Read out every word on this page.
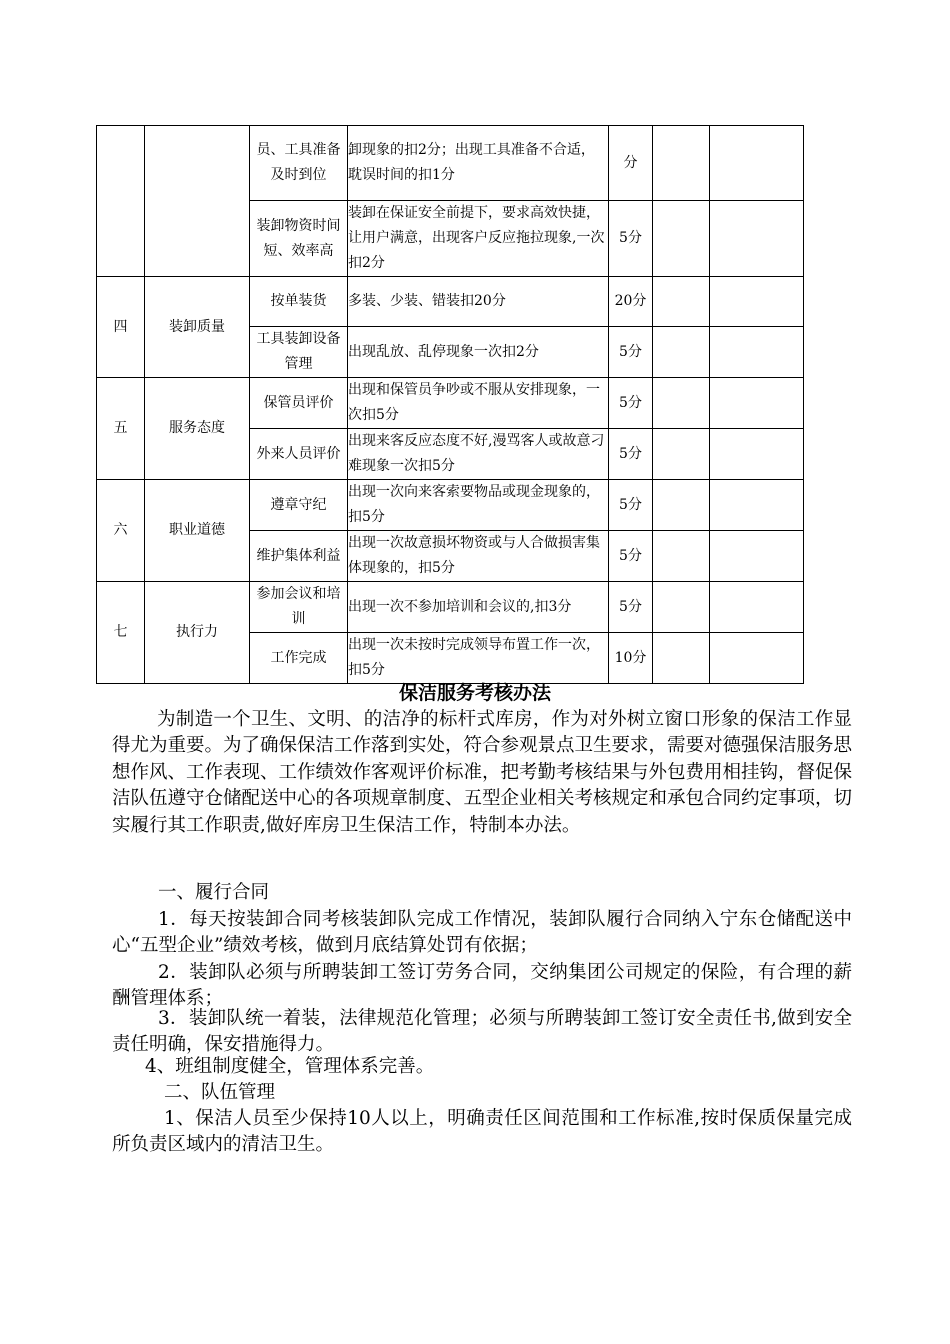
		员、工具准备及时到位	卸现象的扣2分；出现工具准备不合适，耽误时间的扣1分	分		
		装卸物资时间短、效率高	装卸在保证安全前提下，要求高效快捷，让用户满意，出现客户反应拖拉现象,一次扣2分	5分		
四	装卸质量	按单装货	多装、少装、错装扣20分	20分		
		工具装卸设备管理	出现乱放、乱停现象一次扣2分	5分		
五	服务态度	保管员评价	出现和保管员争吵或不服从安排现象，一次扣5分	5分		
		外来人员评价	出现来客反应态度不好,漫骂客人或故意刁难现象一次扣5分	5分		
六	职业道德	遵章守纪	出现一次向来客索要物品或现金现象的，扣5分	5分		
		维护集体利益	出现一次故意损坏物资或与人合做损害集体现象的，扣5分	5分		
七	执行力	参加会议和培训	出现一次不参加培训和会议的,扣3分	5分		
		工作完成	出现一次未按时完成领导布置工作一次，扣5分	10分		
保洁服务考核办法

为制造一个卫生、文明、的洁净的标杆式库房，作为对外树立窗口形象的保洁工作显得尤为重要。为了确保保洁工作落到实处，符合参观景点卫生要求，需要对德强保洁服务思想作风、工作表现、工作绩效作客观评价标准，把考勤考核结果与外包费用相挂钩，督促保洁队伍遵守仓储配送中心的各项规章制度、五型企业相关考核规定和承包合同约定事项，切实履行其工作职责,做好库房卫生保洁工作，特制本办法。

一、履行合同

1．每天按装卸合同考核装卸队完成工作情况，装卸队履行合同纳入宁东仓储配送中心“五型企业”绩效考核，做到月底结算处罚有依据；

2．装卸队必须与所聘装卸工签订劳务合同，交纳集团公司规定的保险，有合理的薪酬管理体系；

3．装卸队统一着装，法律规范化管理；必须与所聘装卸工签订安全责任书,做到安全责任明确，保安措施得力。

4、班组制度健全，管理体系完善。

二、队伍管理

1、保洁人员至少保持10人以上，明确责任区间范围和工作标准,按时保质保量完成所负责区域内的清洁卫生。
